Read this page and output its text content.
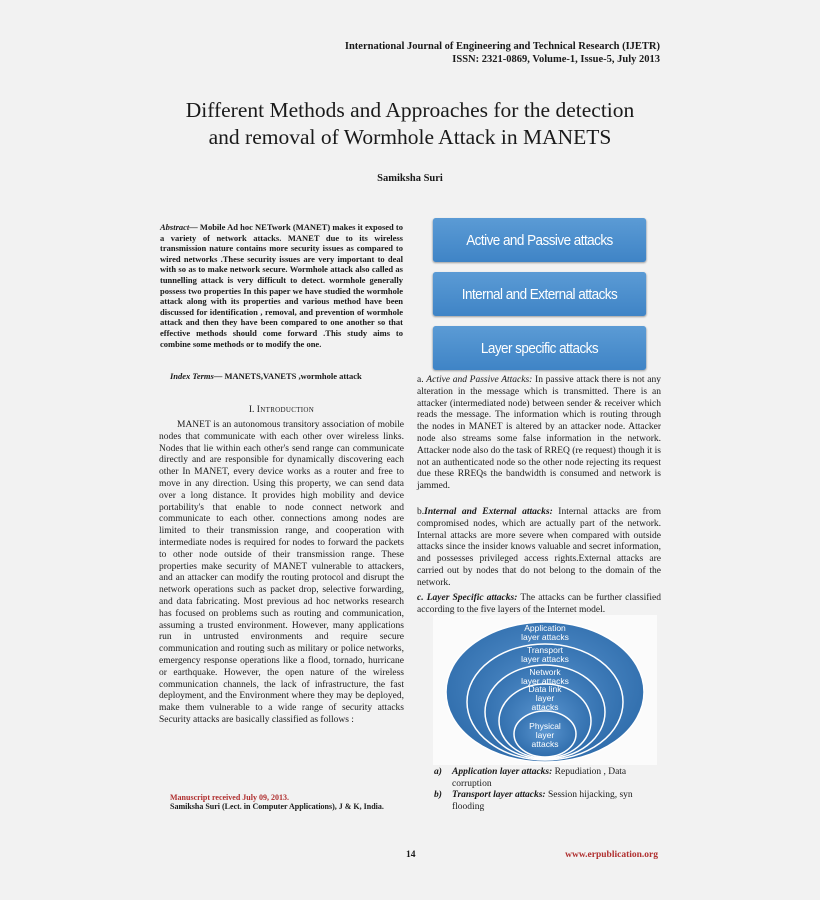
International Journal of Engineering and Technical Research (IJETR)
ISSN: 2321-0869, Volume-1, Issue-5, July 2013
Different Methods and Approaches for the detection
and removal of Wormhole Attack in MANETS
Samiksha Suri
Abstract— Mobile Ad hoc NETwork (MANET) makes it exposed to a variety of network attacks. MANET due to its wireless transmission nature contains more security issues as compared to wired networks .These security issues are very important to deal with so as to make network secure. Wormhole attack also called as tunnelling attack is very difficult to detect. wormhole generally possess two properties In this paper we have studied the wormhole attack along with its properties and various method have been discussed for identification , removal, and prevention of wormhole attack and then they have been compared to one another so that effective methods should come forward .This study aims to combine some methods or to modify the one.
Index Terms— MANETS,VANETS ,wormhole attack
I. Introduction

MANET is an autonomous transitory association of mobile nodes that communicate with each other over wireless links. Nodes that lie within each other's send range can communicate directly and are responsible for dynamically discovering each other In MANET, every device works as a router and free to move in any direction. Using this property, we can send data over a long distance. It provides high mobility and device portability's that enable to node connect network and communicate to each other. connections among nodes are limited to their transmission range, and cooperation with intermediate nodes is required for nodes to forward the packets to other node outside of their transmission range. These properties make security of MANET vulnerable to attackers, and an attacker can modify the routing protocol and disrupt the network operations such as packet drop, selective forwarding, and data fabricating. Most previous ad hoc networks research has focused on problems such as routing and communication, assuming a trusted environment. However, many applications run in untrusted environments and require secure communication and routing such as military or police networks, emergency response operations like a flood, tornado, hurricane or earthquake. However, the open nature of the wireless communication channels, the lack of infrastructure, the fast deployment, and the Environment where they may be deployed, make them vulnerable to a wide range of security attacks Security attacks are basically classified as follows :

Active and Passive attacks
Internal and External attacks
Layer specific attacks

a. Active and Passive Attacks: In passive attack there is not any alteration in the message which is transmitted. There is an attacker (intermediated node) between sender & receiver which reads the message. The information which is routing through the nodes in MANET is altered by an attacker node. Attacker node also streams some false information in the network. Attacker node also do the task of RREQ (re request) though it is not an authenticated node so the other node rejecting its request due these RREQs the bandwidth is consumed and network is jammed.

b.Internal and External attacks: Internal attacks are from compromised nodes, which are actually part of the network. Internal attacks are more severe when compared with outside attacks since the insider knows valuable and secret information, and possesses privileged access rights.External attacks are carried out by nodes that do not belong to the domain of the network.

c. Layer Specific attacks: The attacks can be further classified according to the five layers of the Internet model.

Application
layer attacks
Transport
layer attacks
Network
layer attacks
Data link
layer
attacks
Physical
layer
attacks
a)	Application layer attacks: Repudiation , Data corruption
b)	Transport layer attacks: Session hijacking, syn flooding
Manuscript received July 09, 2013.
Samiksha Suri (Lect. in Computer Applications), J & K, India.
14	www.erpublication.org
